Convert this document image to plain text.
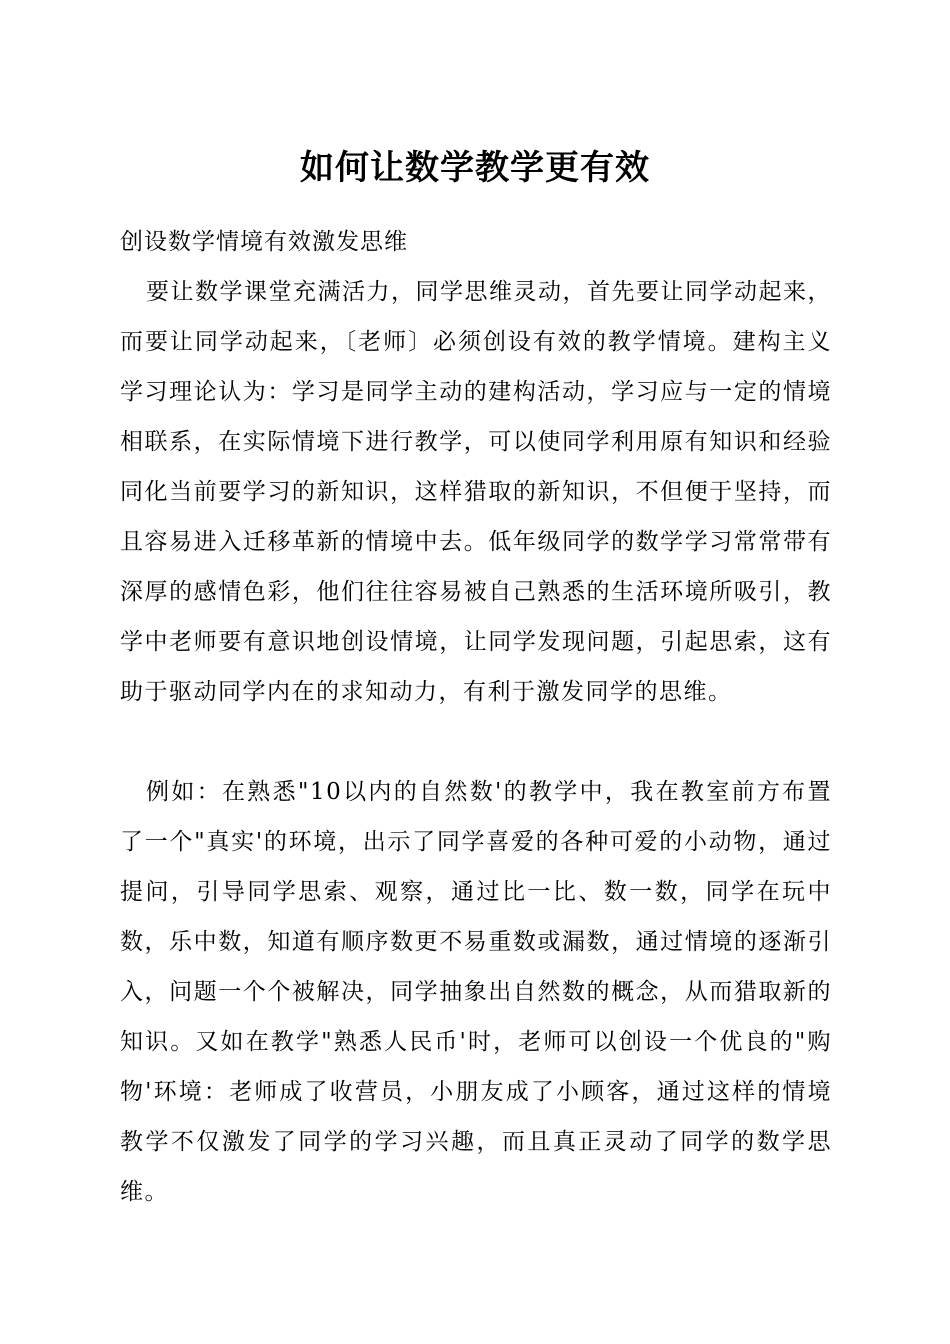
如何让数学教学更有效

创设数学情境有效激发思维

要让数学课堂充满活力，同学思维灵动，首先要让同学动起来，而要让同学动起来，〔老师〕必须创设有效的教学情境。建构主义学习理论认为：学习是同学主动的建构活动，学习应与一定的情境相联系，在实际情境下进行教学，可以使同学利用原有知识和经验同化当前要学习的新知识，这样猎取的新知识，不但便于坚持，而且容易进入迁移革新的情境中去。低年级同学的数学学习常常带有深厚的感情色彩，他们往往容易被自己熟悉的生活环境所吸引，教学中老师要有意识地创设情境，让同学发现问题，引起思索，这有助于驱动同学内在的求知动力，有利于激发同学的思维。

例如：在熟悉"10以内的自然数'的教学中，我在教室前方布置了一个"真实'的环境，出示了同学喜爱的各种可爱的小动物，通过提问，引导同学思索、观察，通过比一比、数一数，同学在玩中数，乐中数，知道有顺序数更不易重数或漏数，通过情境的逐渐引入，问题一个个被解决，同学抽象出自然数的概念，从而猎取新的知识。又如在教学"熟悉人民币'时，老师可以创设一个优良的"购物'环境：老师成了收营员，小朋友成了小顾客，通过这样的情境教学不仅激发了同学的学习兴趣，而且真正灵动了同学的数学思维。
